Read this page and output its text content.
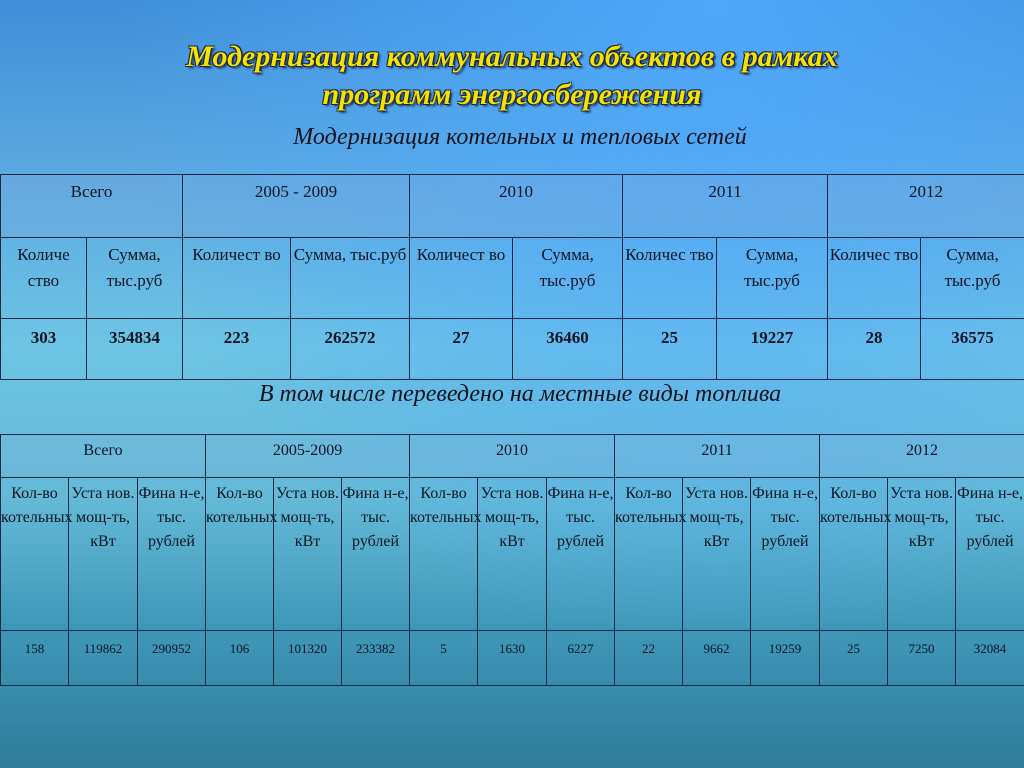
Модернизация коммунальных объектов в рамках
программ энергосбережения
Модернизация котельных и тепловых сетей
Всего		2005 - 2009		2010		2011		2012	
Количе ство	Сумма, тыс.руб	Количест во	Сумма, тыс.руб	Количест во	Сумма, тыс.руб	Количес тво	Сумма, тыс.руб	Количес тво	Сумма, тыс.руб
303	354834	223	262572	27	36460	25	19227	28	36575
В том числе переведено на местные виды топлива
Всего			2005-2009			2010			2011			2012		
Кол-во котельных	Уста нов. мощ-ть, кВт	Фина н-е, тыс. рублей	Кол-во котельных	Уста нов. мощ-ть, кВт	Фина н-е, тыс. рублей	Кол-во котельных	Уста нов. мощ-ть, кВт	Фина н-е, тыс. рублей	Кол-во котельных	Уста нов. мощ-ть, кВт	Фина н-е, тыс. рублей	Кол-во котельных	Уста нов. мощ-ть, кВт	Фина н-е, тыс. рублей
158	119862	290952	106	101320	233382	5	1630	6227	22	9662	19259	25	7250	32084
